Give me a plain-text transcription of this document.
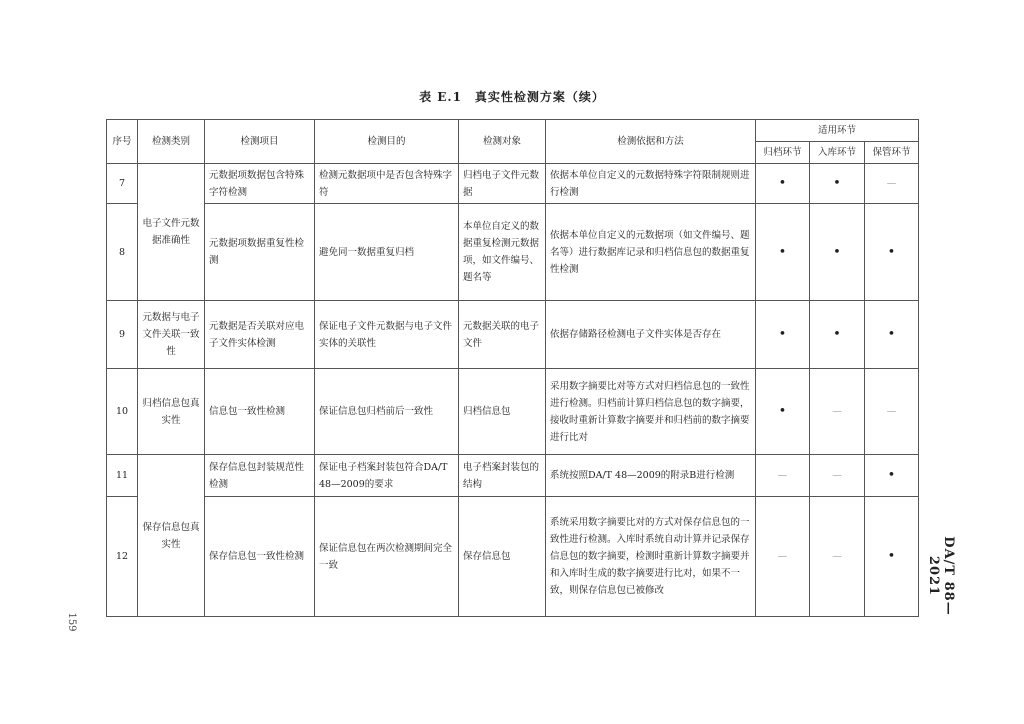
表 E.1　真实性检测方案（续）
序号	检测类别	检测项目	检测目的	检测对象	检测依据和方法	适用环节		
						归档环节	入库环节	保管环节
7	电子文件元数据准确性	元数据项数据包含特殊字符检测	检测元数据项中是否包含特殊字符	归档电子文件元数据	依据本单位自定义的元数据特殊字符限制规则进行检测	•	•	—
8		元数据项数据重复性检测	避免同一数据重复归档	本单位自定义的数据重复检测元数据项，如文件编号、题名等	依据本单位自定义的元数据项（如文件编号、题名等）进行数据库记录和归档信息包的数据重复性检测	•	•	•
9	元数据与电子文件关联一致性	元数据是否关联对应电子文件实体检测	保证电子文件元数据与电子文件实体的关联性	元数据关联的电子文件	依据存储路径检测电子文件实体是否存在	•	•	•
10	归档信息包真实性	信息包一致性检测	保证信息包归档前后一致性	归档信息包	采用数字摘要比对等方式对归档信息包的一致性进行检测。归档前计算归档信息包的数字摘要，接收时重新计算数字摘要并和归档前的数字摘要进行比对	•	—	—
11	保存信息包真实性	保存信息包封装规范性检测	保证电子档案封装包符合DA/T 48—2009的要求	电子档案封装包的结构	系统按照DA/T 48—2009的附录B进行检测	—	—	•
12		保存信息包一致性检测	保证信息包在两次检测期间完全一致	保存信息包	系统采用数字摘要比对的方式对保存信息包的一致性进行检测。入库时系统自动计算并记录保存信息包的数字摘要，检测时重新计算数字摘要并和入库时生成的数字摘要进行比对，如果不一致，则保存信息包已被修改	—	—	•	DA/T 88—2021
159
